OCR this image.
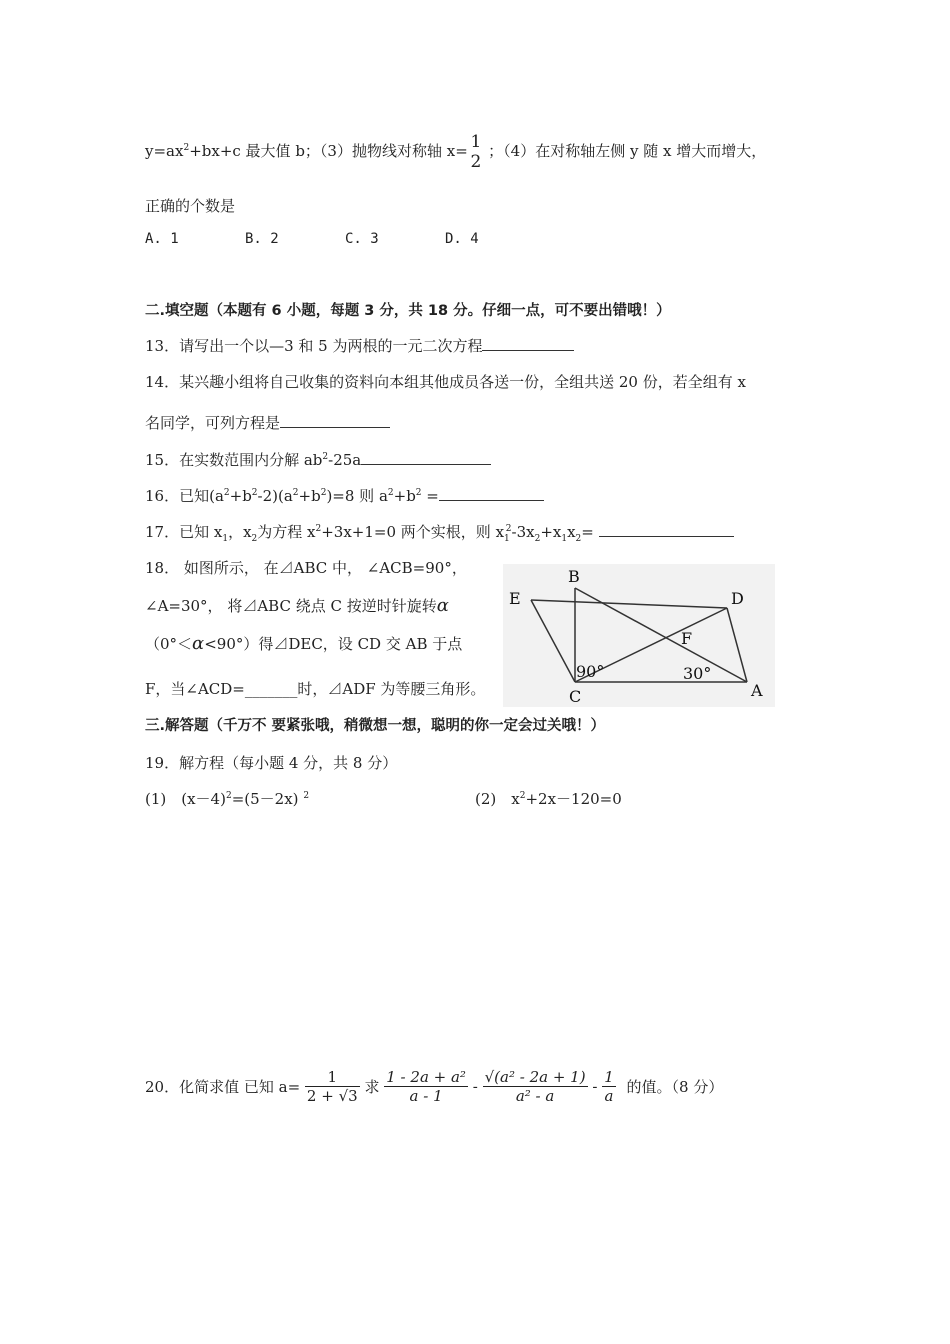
$y=ax^2+bx+c$ 最大值 b；（3）抛物线对称轴 x= 1
2
；（4）在对称轴左侧 y 随 x 增大而增大，
正确的个数是
A. 1	B. 2	C. 3	D. 4
二.填空题（本题有 6 小题，每题 3 分，共 18 分。仔细一点，可不要出错哦！）
13．请写出一个以—3 和 5 为两根的一元二次方程
14．某兴趣小组将自己收集的资料向本组其他成员各送一份，全组共送 20 份，若全组有 x
名同学，可列方程是
15．在实数范围内分解 $ab^2-25a$
16．已知$(a^2+b^2-2)(a^2+b^2)=8$ 则 $a^2+b^2$ =
17．已知 $x_1$，$x_2$为方程 $x^2+3x+1=0$ 两个实根，则 $x_1^2-3x_2+x_1x_2=$
18． 如图所示， 在⊿ABC 中， ∠ACB=90°，
∠A=30°， 将⊿ABC 绕点 C 按逆时针旋转α
（0°＜α<90°）得⊿DEC，设 CD 交 AB 于点
F，当∠ACD=_______时，⊿ADF 为等腰三角形。
B
E	D
F
C	A
90°	30°
三.解答题（千万不 要紧张哦，稍微想一想，聪明的你一定会过关哦！）
19．解方程（每小题 4 分，共 8 分）
(1)　$(x-4)^2=(5-2x)$ $^2$	(2)　$x^2+2x-120=0$
20．化简求值 已知 $a= \frac{1}{2 + √3}$ 求 $\frac{\text{1 - 2a + a²}}{a - 1} - \frac{\text{√(a² - 2a + 1)}}{\text{a² - a}} - \frac{1}{a}$ 的值。（8 分）
